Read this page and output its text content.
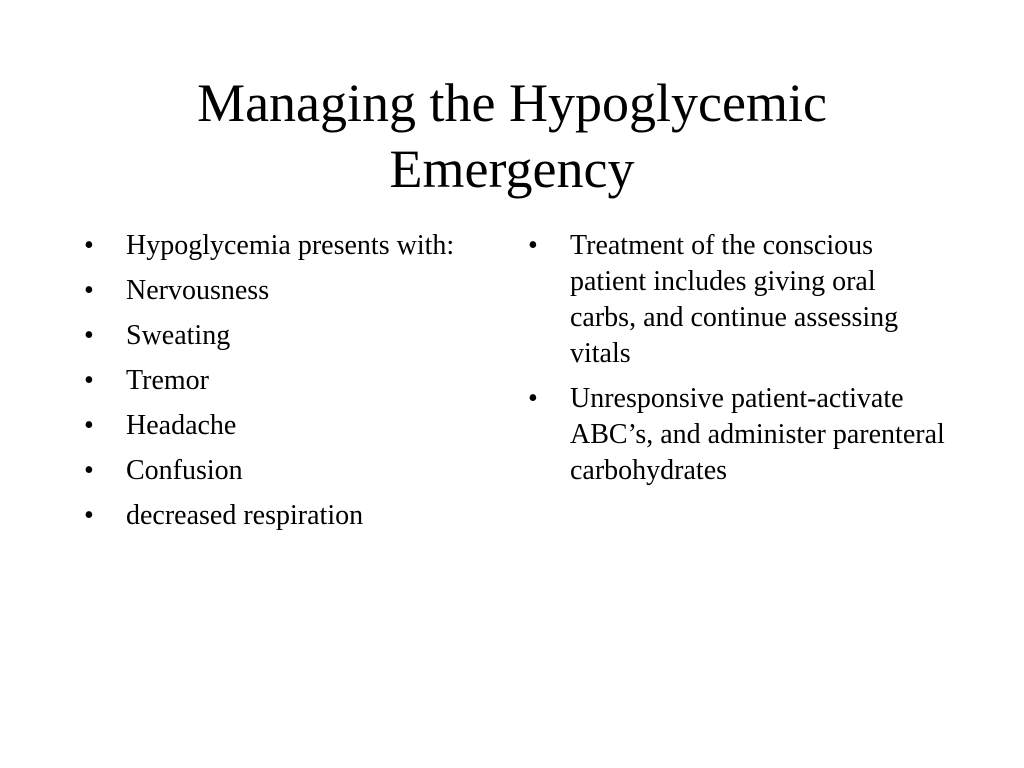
Managing the Hypoglycemic
Emergency
•	Hypoglycemia presents with:
•	Nervousness
•	Sweating
•	Tremor
•	Headache
•	Confusion
•	decreased respiration
•	Treatment of the conscious patient includes giving oral carbs, and continue assessing vitals
•	Unresponsive patient-activate ABC’s, and administer parenteral carbohydrates
